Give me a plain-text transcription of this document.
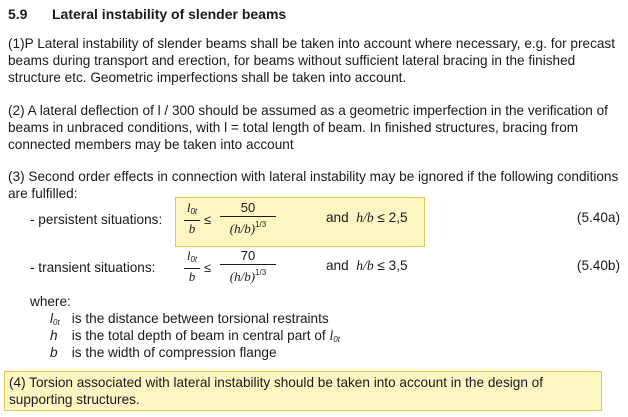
5.9 Lateral instability of slender beams
(1)P Lateral instability of slender beams shall be taken into account where necessary, e.g. for precast beams during transport and erection, for beams without sufficient lateral bracing in the finished structure etc. Geometric imperfections shall be taken into account.
(2) A lateral deflection of l / 300 should be assumed as a geometric imperfection in the verification of beams in unbraced conditions, with l = total length of beam. In finished structures, bracing from connected members may be taken into account
(3) Second order effects in connection with lateral instability may be ignored if the following conditions are fulfilled:
- persistent situations:
$l_{0t}$
b
≤
50
$(h/b)^{1/3}$	and h/b ≤ 2,5	(5.40a)
- transient situations:
$l_{0t}$
b
≤
70
$(h/b)^{1/3}$	and h/b ≤ 3,5	(5.40b)
where:
$l_{0t}$ is the distance between torsional restraints
h is the total depth of beam in central part of $l_{0t}$
b is the width of compression flange
(4) Torsion associated with lateral instability should be taken into account in the design of supporting structures.
